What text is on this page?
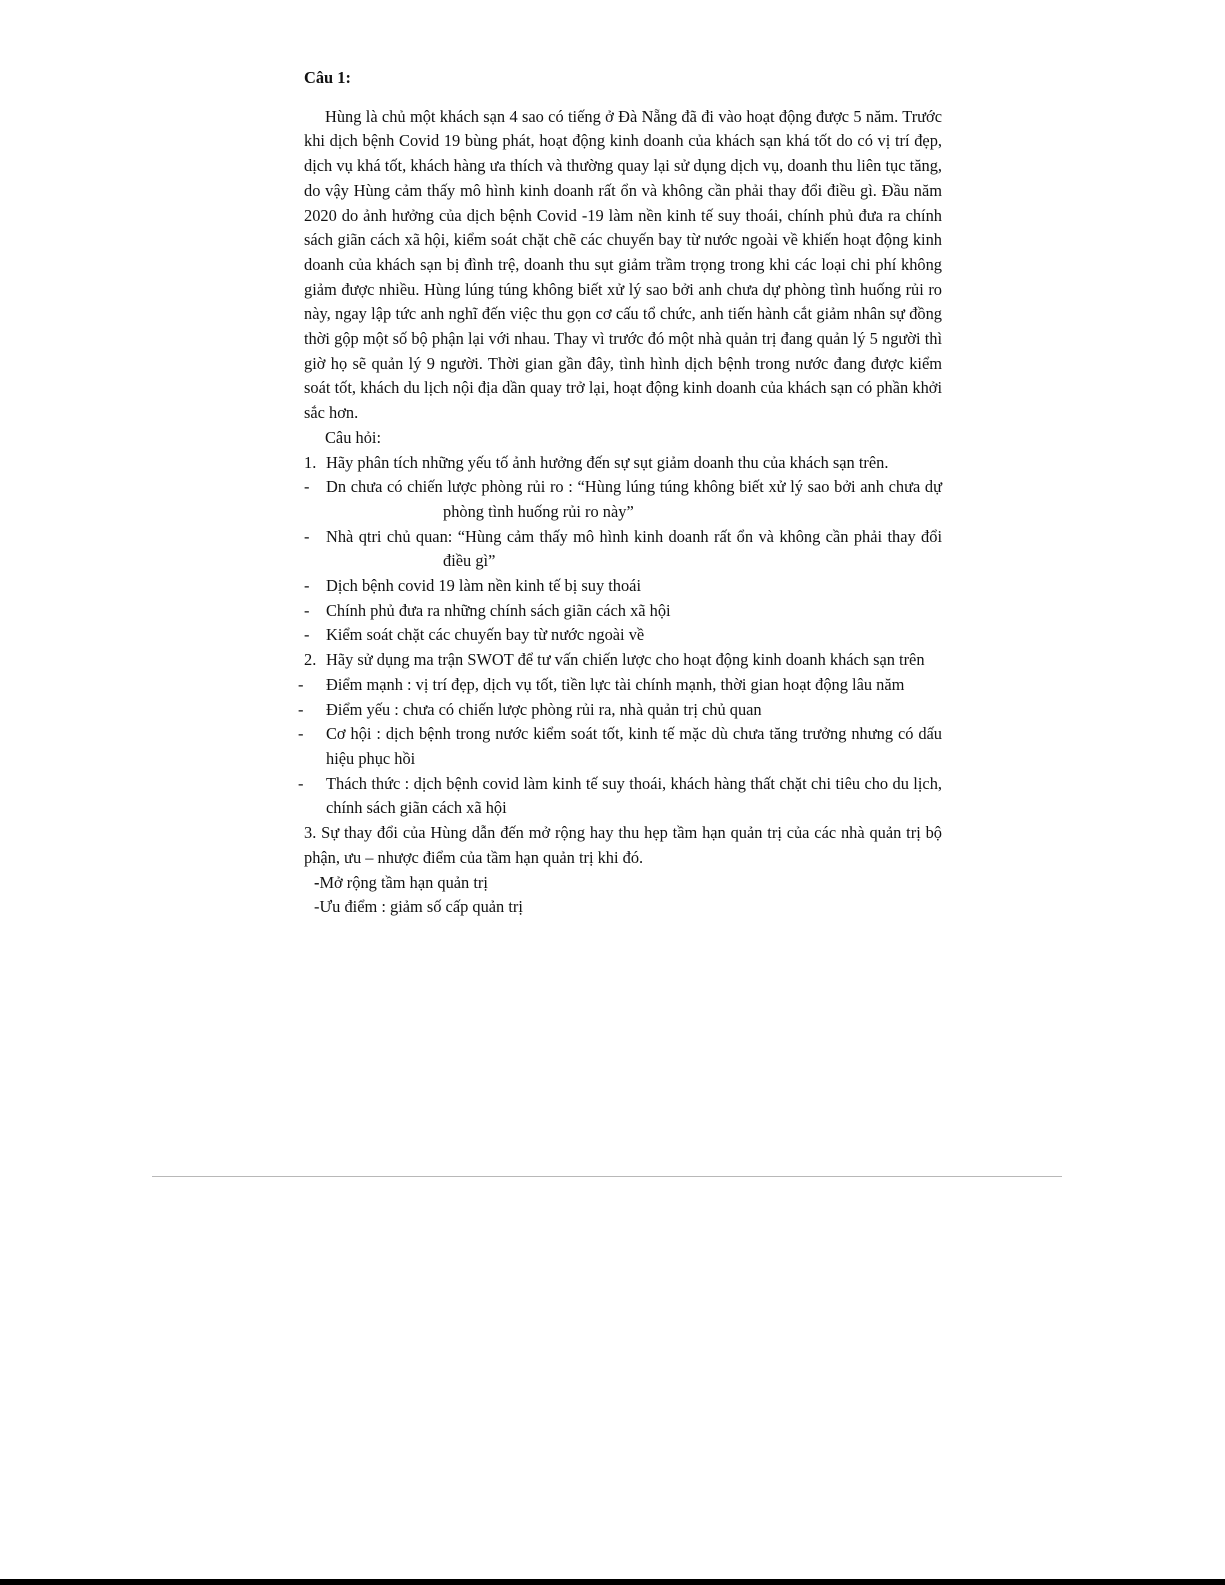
Câu 1:
Hùng là chủ một khách sạn 4 sao có tiếng ở Đà Nẵng đã đi vào hoạt động được 5 năm. Trước khi dịch bệnh Covid 19 bùng phát, hoạt động kinh doanh của khách sạn khá tốt do có vị trí đẹp, dịch vụ khá tốt, khách hàng ưa thích và thường quay lại sử dụng dịch vụ, doanh thu liên tục tăng, do vậy Hùng cảm thấy mô hình kinh doanh rất ổn và không cần phải thay đổi điều gì. Đầu năm 2020 do ảnh hưởng của dịch bệnh Covid -19 làm nền kinh tế suy thoái, chính phủ đưa ra chính sách giãn cách xã hội, kiểm soát chặt chẽ các chuyến bay từ nước ngoài về khiến hoạt động kinh doanh của khách sạn bị đình trệ, doanh thu sụt giảm trầm trọng trong khi các loại chi phí không giảm được nhiều. Hùng lúng túng không biết xử lý sao bởi anh chưa dự phòng tình huống rủi ro này, ngay lập tức anh nghĩ đến việc thu gọn cơ cấu tổ chức, anh tiến hành cắt giảm nhân sự đồng thời gộp một số bộ phận lại với nhau. Thay vì trước đó một nhà quản trị đang quản lý 5 người thì giờ họ sẽ quản lý 9 người. Thời gian gần đây, tình hình dịch bệnh trong nước đang được kiểm soát tốt, khách du lịch nội địa dần quay trở lại, hoạt động kinh doanh của khách sạn có phần khởi sắc hơn.
Câu hỏi:
1. Hãy phân tích những yếu tố ảnh hưởng đến sự sụt giảm doanh thu của khách sạn trên.
-	Dn chưa có chiến lược phòng rủi ro : “Hùng lúng túng không biết xử lý sao bởi anh chưa dự phòng tình huống rủi ro này”
-	Nhà qtri chủ quan: “Hùng cảm thấy mô hình kinh doanh rất ổn và không cần phải thay đổi điều gì”
-	Dịch bệnh covid 19 làm nền kinh tế bị suy thoái
-	Chính phủ đưa ra những chính sách giãn cách xã hội
-	Kiểm soát chặt các chuyến bay từ nước ngoài về
2. Hãy sử dụng ma trận SWOT để tư vấn chiến lược cho hoạt động kinh doanh khách sạn trên
-	Điểm mạnh : vị trí đẹp, dịch vụ tốt, tiền lực tài chính mạnh, thời gian hoạt động lâu năm
-	Điểm yếu : chưa có chiến lược phòng rủi ra, nhà quản trị chủ quan
-	Cơ hội : dịch bệnh trong nước kiểm soát tốt, kinh tế mặc dù chưa tăng trưởng nhưng có dấu hiệu phục hồi
-	Thách thức : dịch bệnh covid làm kinh tế suy thoái, khách hàng thất chặt chi tiêu cho du lịch, chính sách giãn cách xã hội
3. Sự thay đổi của Hùng dẫn đến mở rộng hay thu hẹp tầm hạn quản trị của các nhà quản trị bộ phận, ưu – nhược điểm của tầm hạn quản trị khi đó.
-Mở rộng tầm hạn quản trị
-Ưu điểm : giảm số cấp quản trị
